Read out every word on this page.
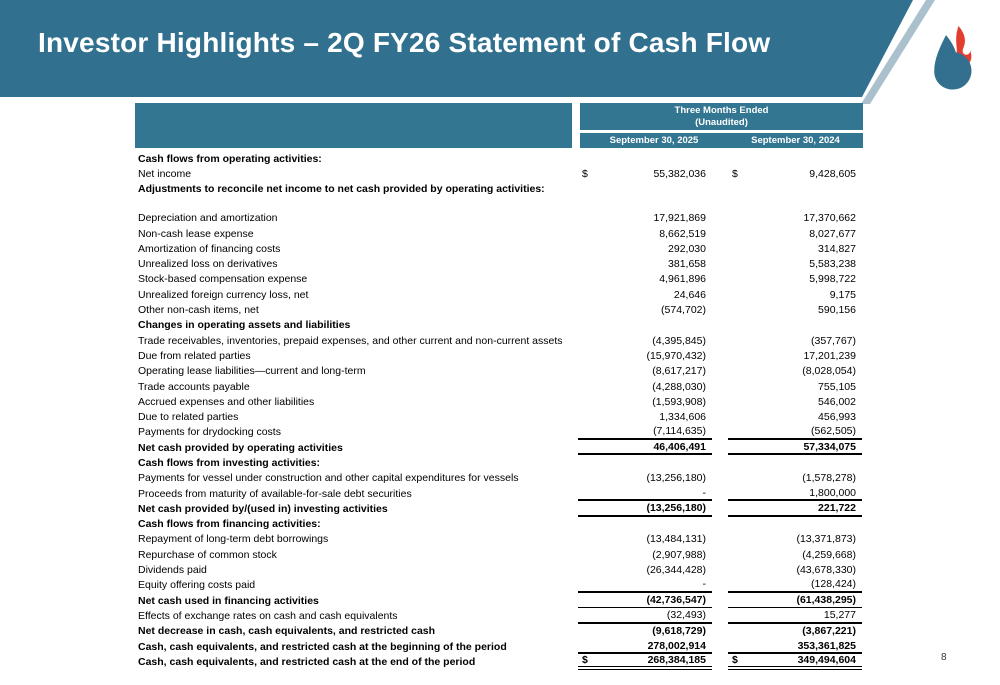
Investor Highlights – 2Q FY26 Statement of Cash Flow
Three Months Ended
(Unaudited)
September 30, 2025	September 30, 2024
Cash flows from operating activities:
Net income	$	55,382,036 $	9,428,605
Adjustments to reconcile net income to net cash provided by operating activities:
Depreciation and amortization	17,921,869	17,370,662
Non-cash lease expense	8,662,519	8,027,677
Amortization of financing costs	292,030	314,827
Unrealized loss on derivatives	381,658	5,583,238
Stock-based compensation expense	4,961,896	5,998,722
Unrealized foreign currency loss, net	24,646	9,175
Other non-cash items, net	(574,702)	590,156
Changes in operating assets and liabilities
Trade receivables, inventories, prepaid expenses, and other current and non-current assets	(4,395,845)	(357,767)
Due from related parties	(15,970,432)	17,201,239
Operating lease liabilities—current and long-term	(8,617,217)	(8,028,054)
Trade accounts payable	(4,288,030)	755,105
Accrued expenses and other liabilities	(1,593,908)	546,002
Due to related parties	1,334,606	456,993
Payments for drydocking costs	(7,114,635)	(562,505)
Net cash provided by operating activities	46,406,491	57,334,075
Cash flows from investing activities:
Payments for vessel under construction and other capital expenditures for vessels	(13,256,180)	(1,578,278)
Proceeds from maturity of available-for-sale debt securities	-	1,800,000
Net cash provided by/(used in) investing activities	(13,256,180)	221,722
Cash flows from financing activities:
Repayment of long-term debt borrowings	(13,484,131)	(13,371,873)
Repurchase of common stock	(2,907,988)	(4,259,668)
Dividends paid	(26,344,428)	(43,678,330)
Equity offering costs paid	-	(128,424)
Net cash used in financing activities	(42,736,547)	(61,438,295)
Effects of exchange rates on cash and cash equivalents	(32,493)	15,277
Net decrease in cash, cash equivalents, and restricted cash	(9,618,729)	(3,867,221)
Cash, cash equivalents, and restricted cash at the beginning of the period	278,002,914	353,361,825
Cash, cash equivalents, and restricted cash at the end of the period	$	268,384,185 $	349,494,604	8
